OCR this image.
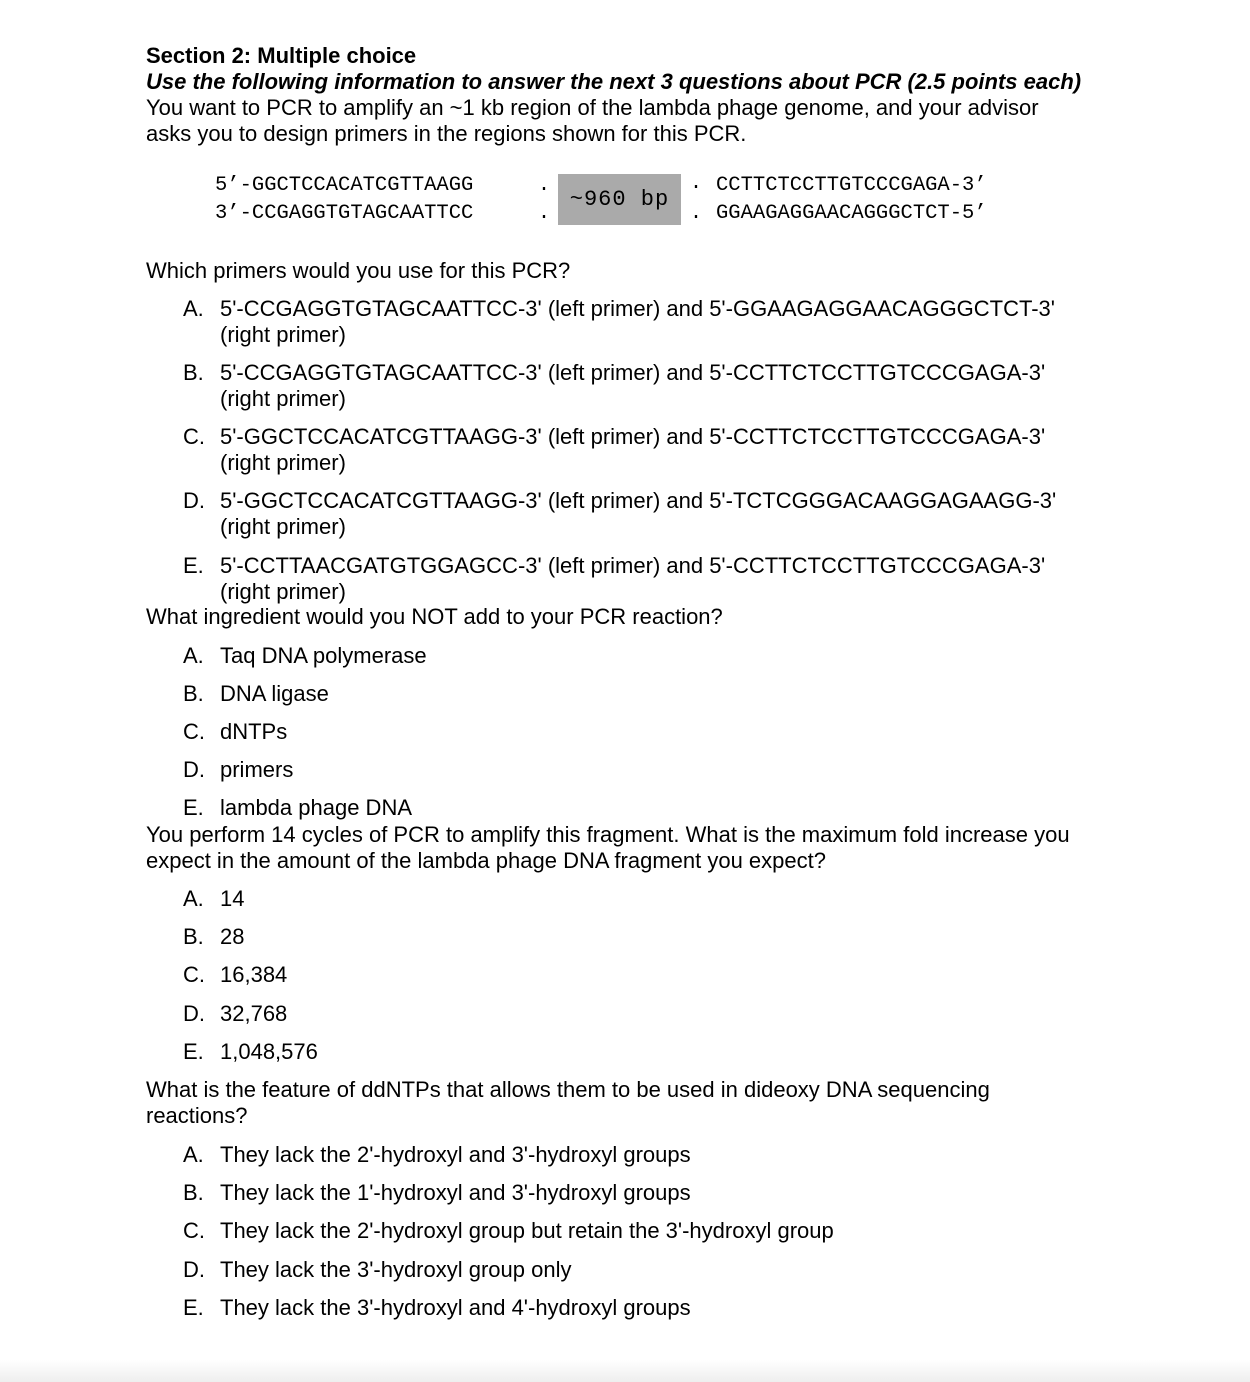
Section 2: Multiple choice
Use the following information to answer the next 3 questions about PCR (2.5 points each)
You want to PCR to amplify an ~1 kb region of the lambda phage genome, and your advisor
asks you to design primers in the regions shown for this PCR.
5’-GGCTCCACATCGTTAAGG
3’-CCGAGGTGTAGCAATTCC
.
.
~960 bp
.
.
CCTTCTCCTTGTCCCGAGA-3’
GGAAGAGGAACAGGGCTCT-5’
Which primers would you use for this PCR?
A. 5'-CCGAGGTGTAGCAATTCC-3' (left primer) and 5'-GGAAGAGGAACAGGGCTCT-3'
(right primer)
B. 5'-CCGAGGTGTAGCAATTCC-3' (left primer) and 5'-CCTTCTCCTTGTCCCGAGA-3'
(right primer)
C. 5'-GGCTCCACATCGTTAAGG-3' (left primer) and 5'-CCTTCTCCTTGTCCCGAGA-3'
(right primer)
D. 5'-GGCTCCACATCGTTAAGG-3' (left primer) and 5'-TCTCGGGACAAGGAGAAGG-3'
(right primer)
E. 5'-CCTTAACGATGTGGAGCC-3' (left primer) and 5'-CCTTCTCCTTGTCCCGAGA-3'
(right primer)
What ingredient would you NOT add to your PCR reaction?
A. Taq DNA polymerase
B. DNA ligase
C. dNTPs
D. primers
E. lambda phage DNA
You perform 14 cycles of PCR to amplify this fragment. What is the maximum fold increase you
expect in the amount of the lambda phage DNA fragment you expect?
A. 14
B. 28
C. 16,384
D. 32,768
E. 1,048,576
What is the feature of ddNTPs that allows them to be used in dideoxy DNA sequencing
reactions?
A. They lack the 2'-hydroxyl and 3'-hydroxyl groups
B. They lack the 1'-hydroxyl and 3'-hydroxyl groups
C. They lack the 2'-hydroxyl group but retain the 3'-hydroxyl group
D. They lack the 3'-hydroxyl group only
E. They lack the 3'-hydroxyl and 4'-hydroxyl groups
